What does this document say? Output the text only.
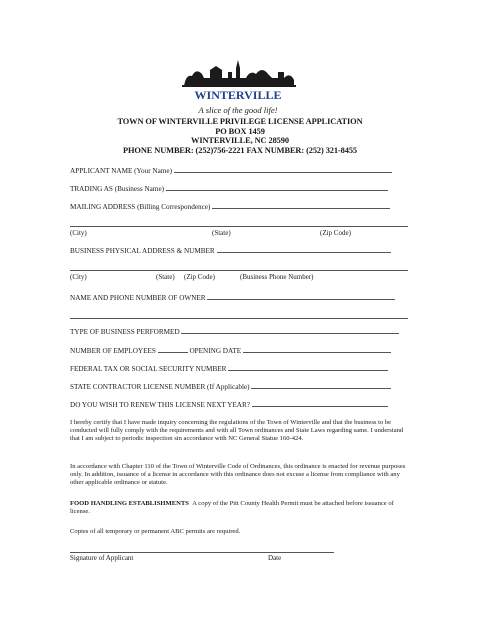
WINTERVILLE
A slice of the good life!
TOWN OF WINTERVILLE PRIVILEGE LICENSE APPLICATION
PO BOX 1459
WINTERVILLE, NC 28590
PHONE NUMBER: (252)756-2221 FAX NUMBER: (252) 321-8455
APPLICANT NAME (Your Name)
TRADING AS (Business Name)
MAILING ADDRESS (Billing Correspondence)
(City)	(State)	(Zip Code)
BUSINESS PHYSICAL ADDRESS & NUMBER
(City)	(State) (Zip Code)	(Business Phone Number)
NAME AND PHONE NUMBER OF OWNER
TYPE OF BUSINESS PERFORMED
NUMBER OF EMPLOYEES	OPENING DATE
FEDERAL TAX OR SOCIAL SECURITY NUMBER
STATE CONTRACTOR LICENSE NUMBER (If Applicable)
DO YOU WISH TO RENEW THIS LICENSE NEXT YEAR?
I hereby certify that I have made inquiry concerning the regulations of the Town of Winterville and that the business to be conducted will fully comply with the requirements and with all Town ordinances and State Laws regarding same. I understand that I am subject to periodic inspection sin accordance with NC General Statue 160-424.
In accordance with Chapter 110 of the Town of Winterville Code of Ordinances, this ordinance is enacted for revenue purposes only. In addition, issuance of a license in accordance with this ordinance does not excuse a license from compliance with any other applicable ordinance or statute.
FOOD HANDLING ESTABLISHMENTS A copy of the Pitt County Health Permit must be attached before issuance of license.
Copies of all temporary or permanent ABC permits are required.
Signature of Applicant	Date
